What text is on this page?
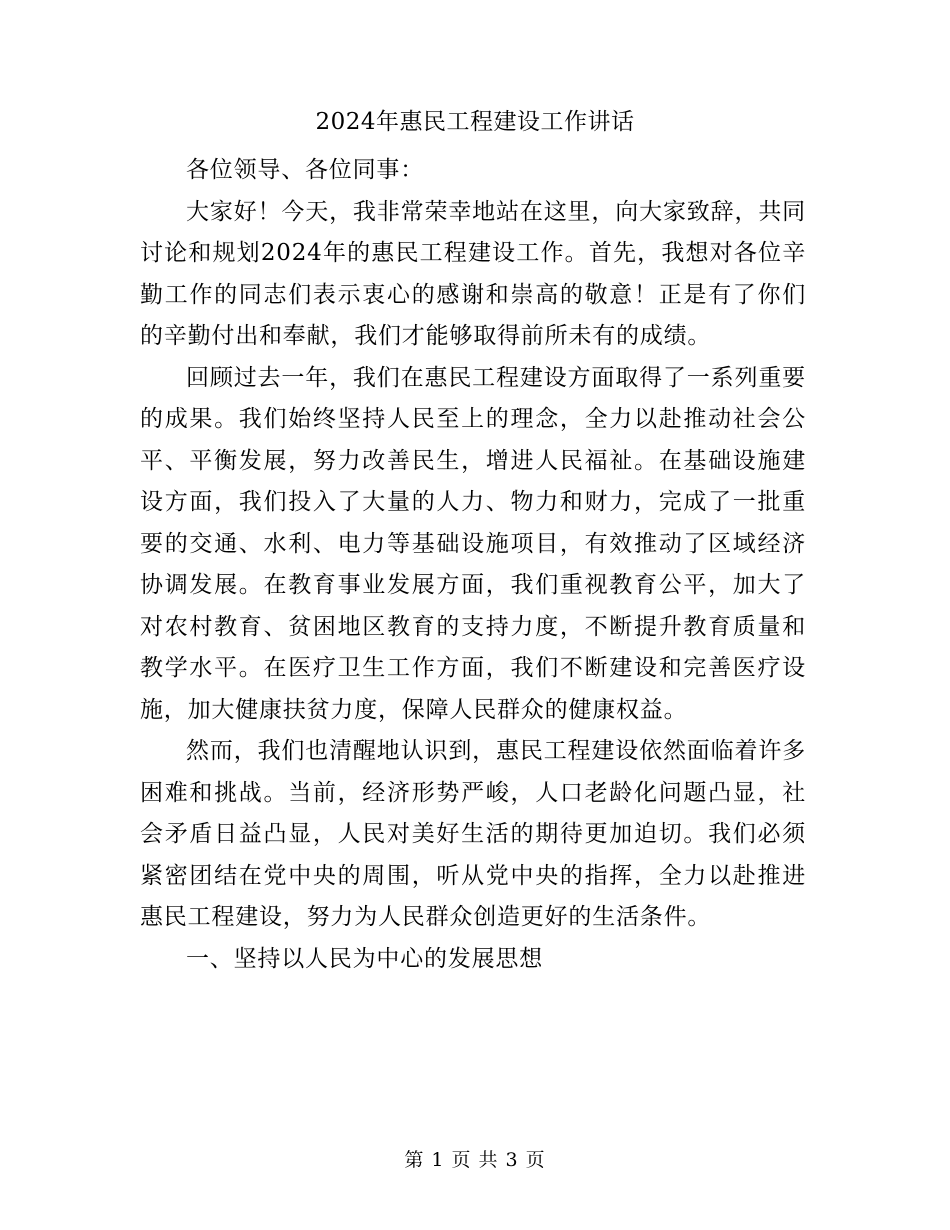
2024年惠民工程建设工作讲话

各位领导、各位同事：

大家好！今天，我非常荣幸地站在这里，向大家致辞，共同讨论和规划2024年的惠民工程建设工作。首先，我想对各位辛勤工作的同志们表示衷心的感谢和崇高的敬意！正是有了你们的辛勤付出和奉献，我们才能够取得前所未有的成绩。

回顾过去一年，我们在惠民工程建设方面取得了一系列重要的成果。我们始终坚持人民至上的理念，全力以赴推动社会公平、平衡发展，努力改善民生，增进人民福祉。在基础设施建设方面，我们投入了大量的人力、物力和财力，完成了一批重要的交通、水利、电力等基础设施项目，有效推动了区域经济协调发展。在教育事业发展方面，我们重视教育公平，加大了对农村教育、贫困地区教育的支持力度，不断提升教育质量和教学水平。在医疗卫生工作方面，我们不断建设和完善医疗设施，加大健康扶贫力度，保障人民群众的健康权益。

然而，我们也清醒地认识到，惠民工程建设依然面临着许多困难和挑战。当前，经济形势严峻，人口老龄化问题凸显，社会矛盾日益凸显，人民对美好生活的期待更加迫切。我们必须紧密团结在党中央的周围，听从党中央的指挥，全力以赴推进惠民工程建设，努力为人民群众创造更好的生活条件。

一、坚持以人民为中心的发展思想

第 1 页 共 3 页
